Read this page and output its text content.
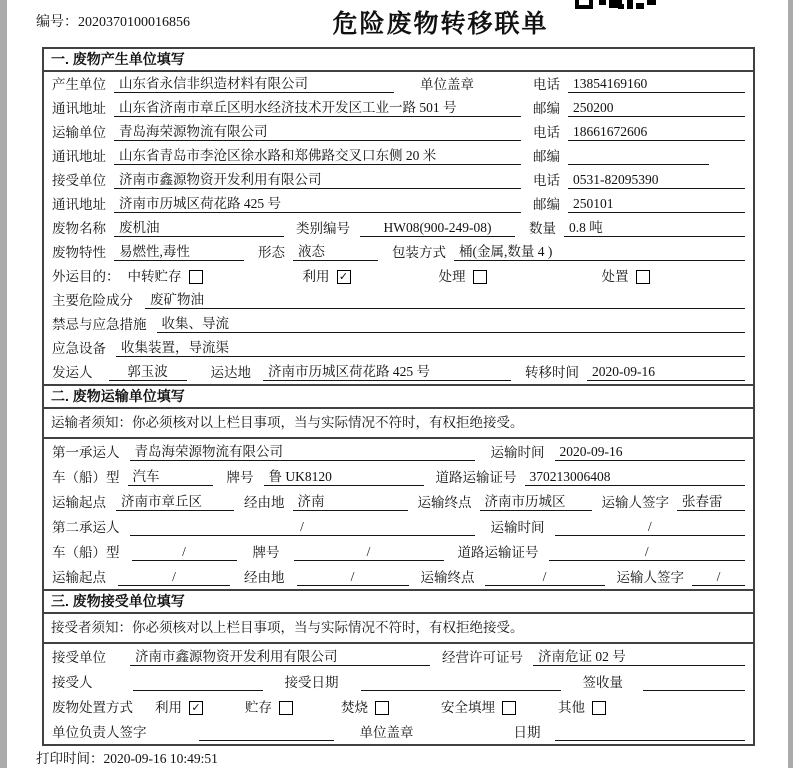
编号：2020370100016856	危险废物转移联单
一. 废物产生单位填写
产生单位 山东省永信非织造材料有限公司	单位盖章	电话 13854169160
通讯地址 山东省济南市章丘区明水经济技术开发区工业一路 501 号	邮编 250200
运输单位 青岛海荣源物流有限公司	电话 18661672606
通讯地址 山东省青岛市李沧区徐水路和郑佛路交叉口东侧 20 米	邮编
接受单位 济南市鑫源物资开发利用有限公司	电话 0531-82095390
通讯地址 济南市历城区荷花路 425 号	邮编 250101
废物名称 废机油	类别编号	HW08(900-249-08)	数量 0.8 吨
废物特性 易燃性,毒性	形态 液态	包装方式 桶(金属,数量 4 )
外运目的： 中转贮存	利用 ✓	处理	处置
主要危险成分	废矿物油
禁忌与应急措施	收集、导流
应急设备	收集装置，导流渠
发运人	郭玉波	运达地	济南市历城区荷花路 425 号	转移时间 2020-09-16
二. 废物运输单位填写
运输者须知：你必须核对以上栏目事项，当与实际情况不符时，有权拒绝接受。
第一承运人	青岛海荣源物流有限公司	运输时间	2020-09-16
车（船）型 汽车	牌号	鲁 UK8120	道路运输证号 370213006408
运输起点	济南市章丘区	经由地 济南	运输终点 济南市历城区	运输人签字 张春雷
第二承运人	/	运输时间	/
车（船）型	/	牌号	/	道路运输证号	/
运输起点	/	经由地	/	运输终点	/	运输人签字	/
三. 废物接受单位填写
接受者须知：你必须核对以上栏目事项，当与实际情况不符时，有权拒绝接受。
接受单位	济南市鑫源物资开发利用有限公司	经营许可证号	济南危证 02 号
接受人	接受日期	签收量
废物处置方式 利用 ✓	贮存	焚烧	安全填埋	其他
单位负责人签字	单位盖章	日期
打印时间：2020-09-16 10:49:51
